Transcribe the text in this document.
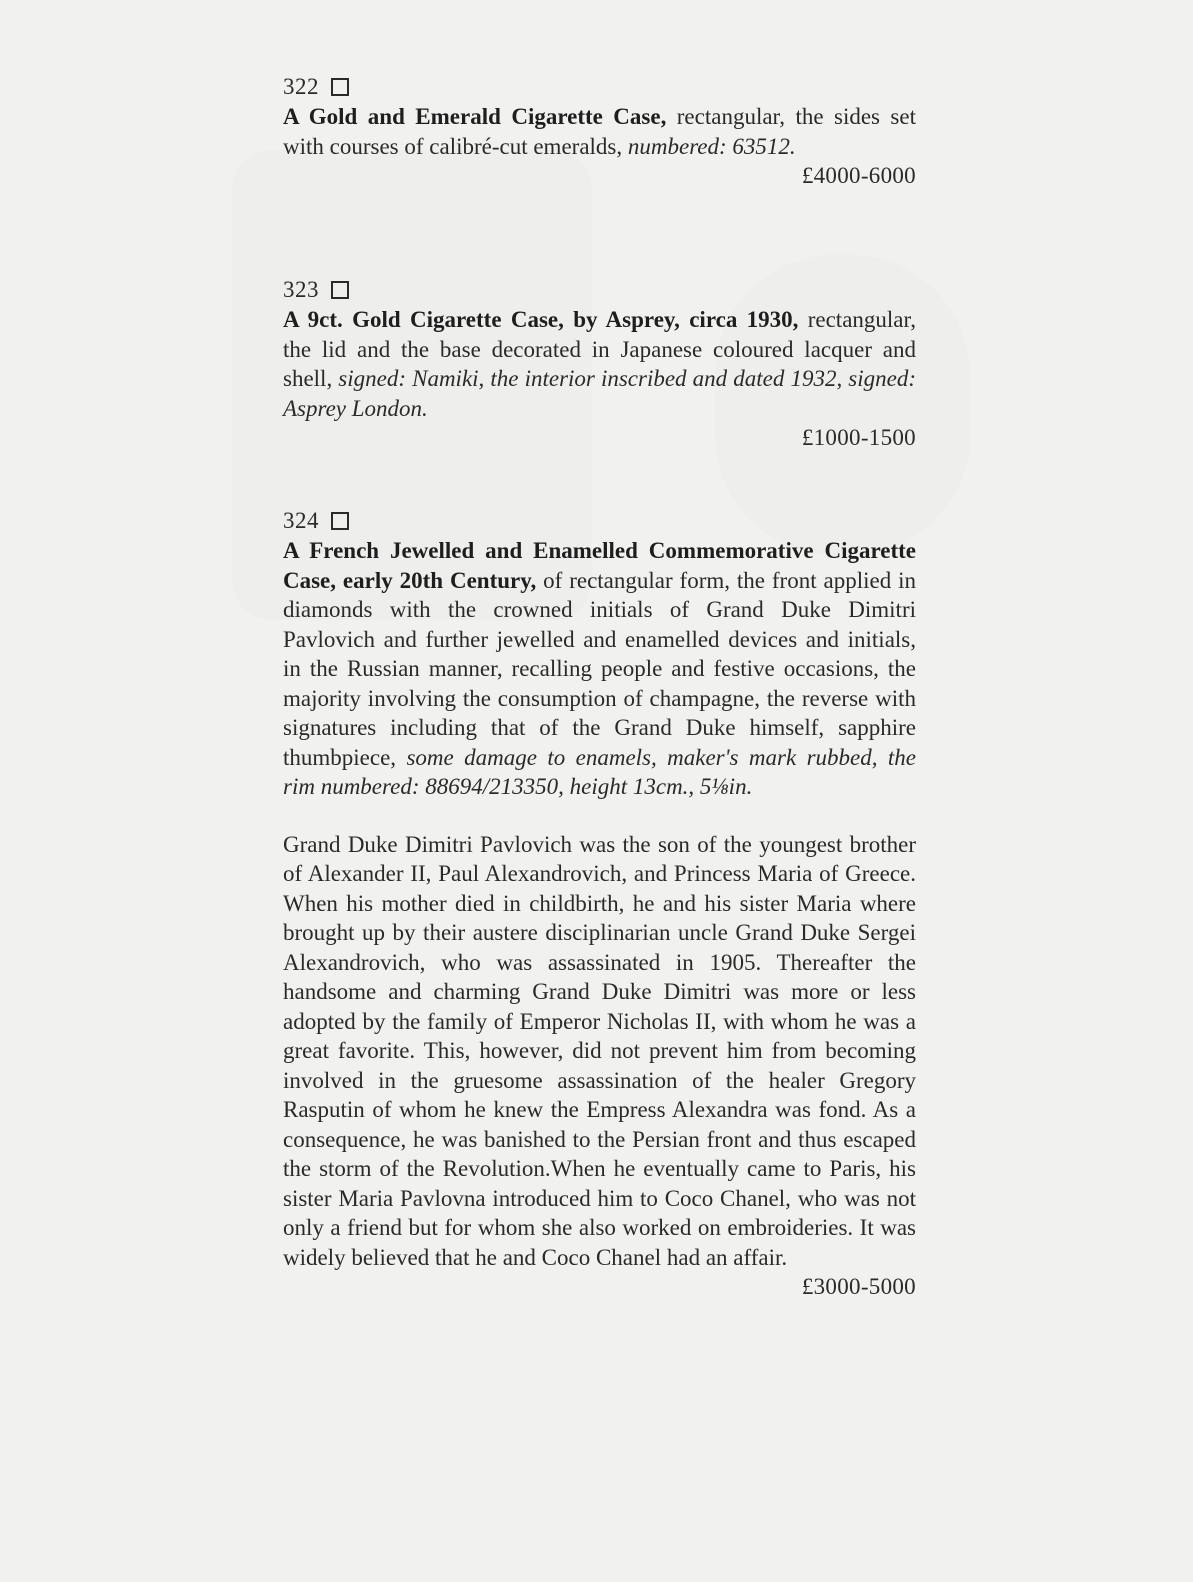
322

A Gold and Emerald Cigarette Case, rectangular, the sides set with courses of calibré-cut emeralds, numbered: 63512.

£4000-6000

323

A 9ct. Gold Cigarette Case, by Asprey, circa 1930, rectangular, the lid and the base decorated in Japanese coloured lacquer and shell, signed: Namiki, the interior inscribed and dated 1932, signed: Asprey London.

£1000-1500

324

A French Jewelled and Enamelled Commemorative Cigarette Case, early 20th Century, of rectangular form, the front applied in diamonds with the crowned initials of Grand Duke Dimitri Pavlovich and further jewelled and enamelled devices and initials, in the Russian manner, recalling people and festive occasions, the majority involving the consumption of champagne, the reverse with signatures including that of the Grand Duke himself, sapphire thumbpiece, some damage to enamels, maker's mark rubbed, the rim numbered: 88694/213350, height 13cm., 5⅛in.

Grand Duke Dimitri Pavlovich was the son of the youngest brother of Alexander II, Paul Alexandrovich, and Princess Maria of Greece. When his mother died in childbirth, he and his sister Maria where brought up by their austere disciplinarian uncle Grand Duke Sergei Alexandrovich, who was assassinated in 1905. Thereafter the handsome and charming Grand Duke Dimitri was more or less adopted by the family of Emperor Nicholas II, with whom he was a great favorite. This, however, did not prevent him from becoming involved in the gruesome assassination of the healer Gregory Rasputin of whom he knew the Empress Alexandra was fond. As a consequence, he was banished to the Persian front and thus escaped the storm of the Revolution.When he eventually came to Paris, his sister Maria Pavlovna introduced him to Coco Chanel, who was not only a friend but for whom she also worked on embroideries. It was widely believed that he and Coco Chanel had an affair.

£3000-5000
